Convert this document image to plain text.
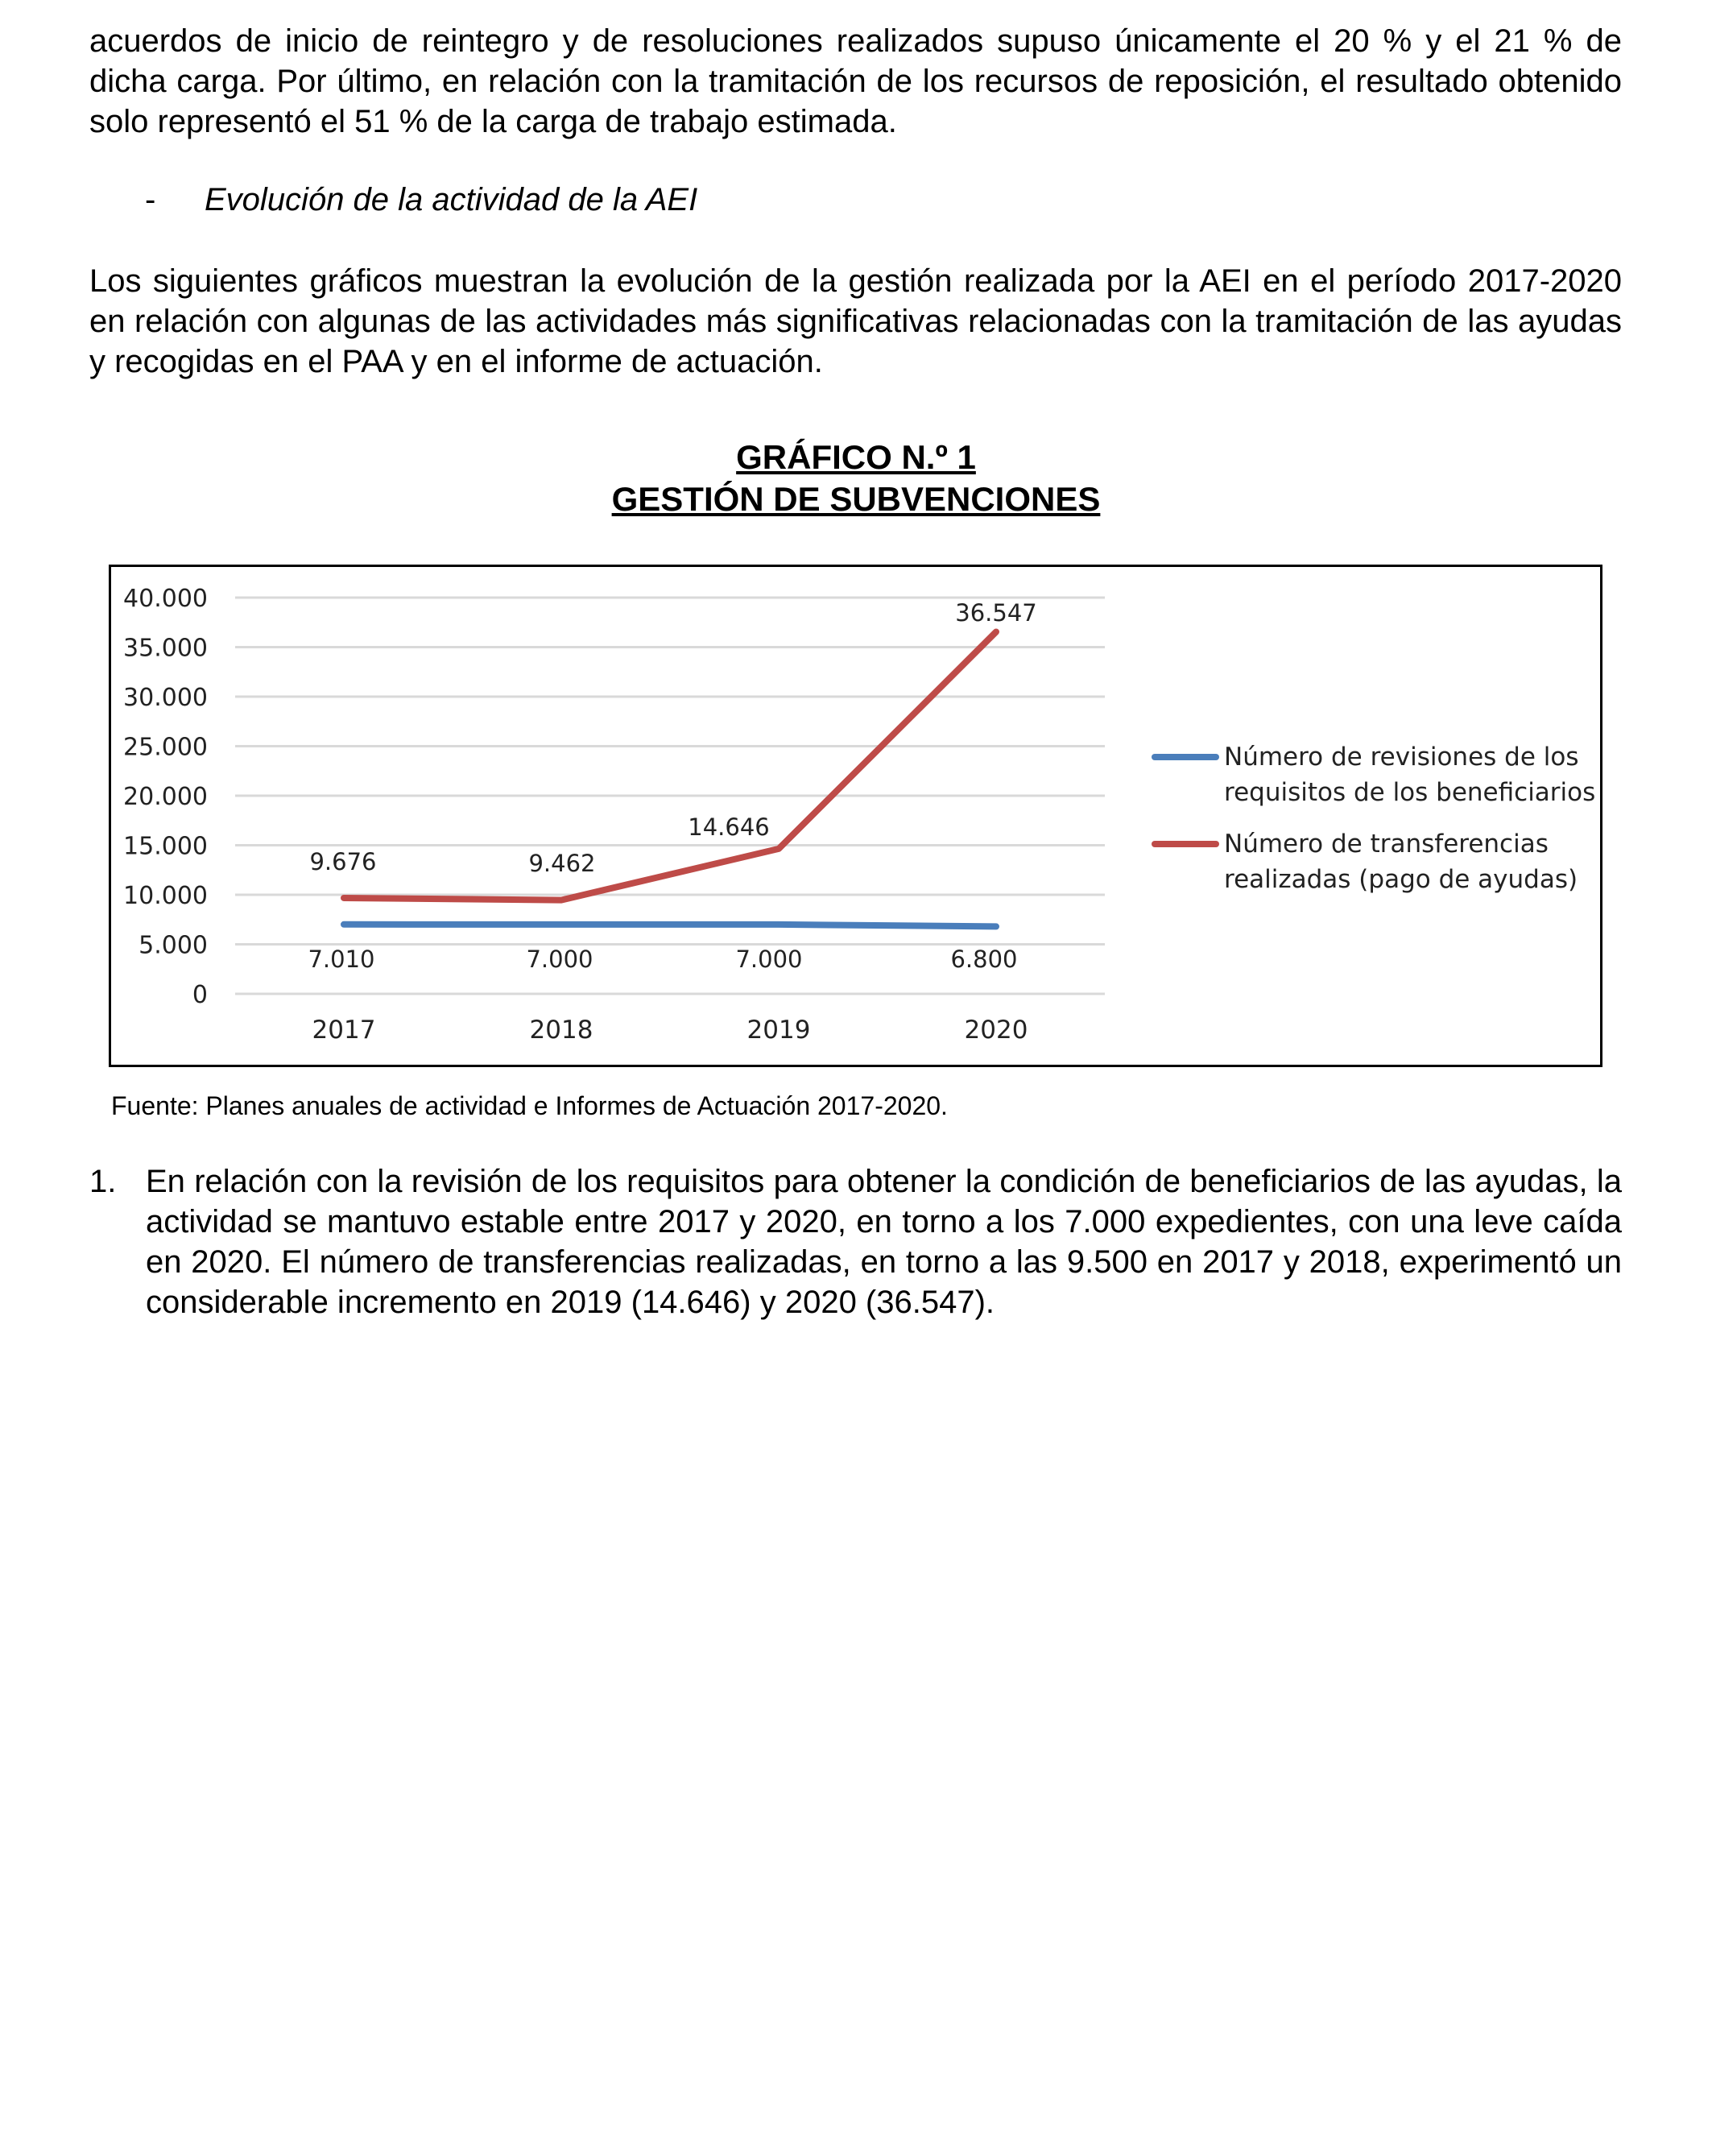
acuerdos de inicio de reintegro y de resoluciones realizados supuso únicamente el 20 % y el 21 % de dicha carga. Por último, en relación con la tramitación de los recursos de reposición, el resultado obtenido solo representó el 51 % de la carga de trabajo estimada.

- Evolución de la actividad de la AEI

Los siguientes gráficos muestran la evolución de la gestión realizada por la AEI en el período 2017-2020 en relación con algunas de las actividades más significativas relacionadas con la tramitación de las ayudas y recogidas en el PAA y en el informe de actuación.

GRÁFICO N.º 1
GESTIÓN DE SUBVENCIONES
0
5.000
10.000
15.000
20.000
25.000
30.000
35.000
40.000
2017	2018	2019	2020
7.010	7.000	7.000	6.800
9.676	9.462
14.646
36.547
Número de revisiones de los requisitos de los beneficiarios
Número de transferencias realizadas (pago de ayudas)
Fuente: Planes anuales de actividad e Informes de Actuación 2017-2020.
1. En relación con la revisión de los requisitos para obtener la condición de beneficiarios de las ayudas, la actividad se mantuvo estable entre 2017 y 2020, en torno a los 7.000 expedientes, con una leve caída en 2020. El número de transferencias realizadas, en torno a las 9.500 en 2017 y 2018, experimentó un considerable incremento en 2019 (14.646) y 2020 (36.547).
